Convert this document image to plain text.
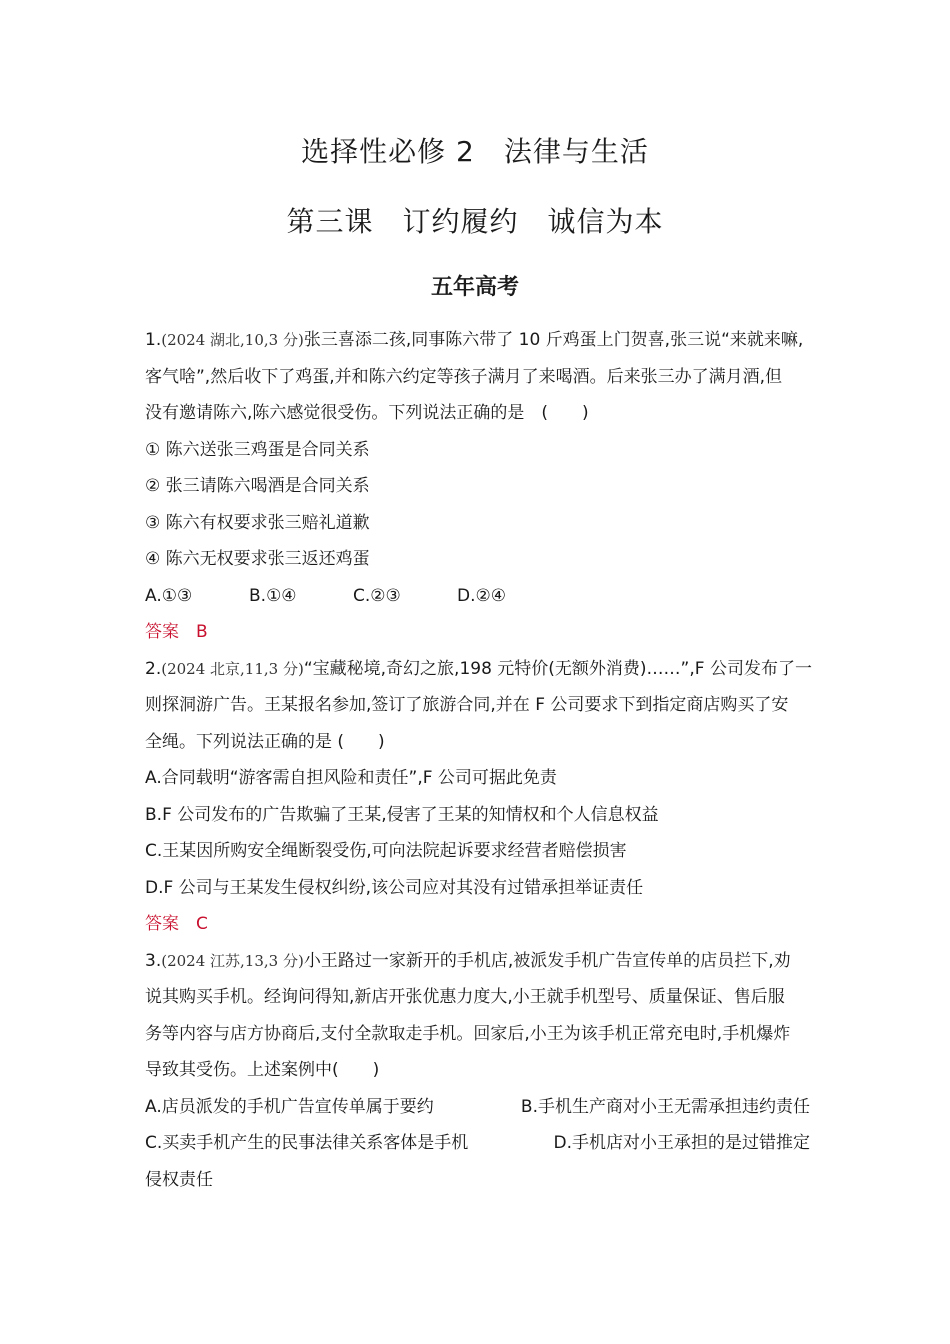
选择性必修 2　法律与生活
第三课　订约履约　诚信为本
五年高考
1.(2024 湖北,10,3 分)张三喜添二孩,同事陈六带了 10 斤鸡蛋上门贺喜,张三说“来就来嘛,
客气啥”,然后收下了鸡蛋,并和陈六约定等孩子满月了来喝酒。后来张三办了满月酒,但
没有邀请陈六,陈六感觉很受伤。下列说法正确的是　(　　)
① 陈六送张三鸡蛋是合同关系
② 张三请陈六喝酒是合同关系
③ 陈六有权要求张三赔礼道歉
④ 陈六无权要求张三返还鸡蛋
A.①③	B.①④	C.②③	D.②④
答案　 B
2.(2024 北京,11,3 分)“宝藏秘境,奇幻之旅,198 元特价(无额外消费)……”,F 公司发布了一
则探洞游广告。王某报名参加,签订了旅游合同,并在 F 公司要求下到指定商店购买了安
全绳。下列说法正确的是 (　　)
A.合同载明“游客需自担风险和责任”,F 公司可据此免责
B.F 公司发布的广告欺骗了王某,侵害了王某的知情权和个人信息权益
C.王某因所购安全绳断裂受伤,可向法院起诉要求经营者赔偿损害
D.F 公司与王某发生侵权纠纷,该公司应对其没有过错承担举证责任
答案　 C
3.(2024 江苏,13,3 分)小王路过一家新开的手机店,被派发手机广告宣传单的店员拦下,劝
说其购买手机。经询问得知,新店开张优惠力度大,小王就手机型号、质量保证、售后服
务等内容与店方协商后,支付全款取走手机。回家后,小王为该手机正常充电时,手机爆炸
导致其受伤。上述案例中(　　)
A.店员派发的手机广告宣传单属于要约	B.手机生产商对小王无需承担违约责任
C.买卖手机产生的民事法律关系客体是手机	D.手机店对小王承担的是过错推定
侵权责任
